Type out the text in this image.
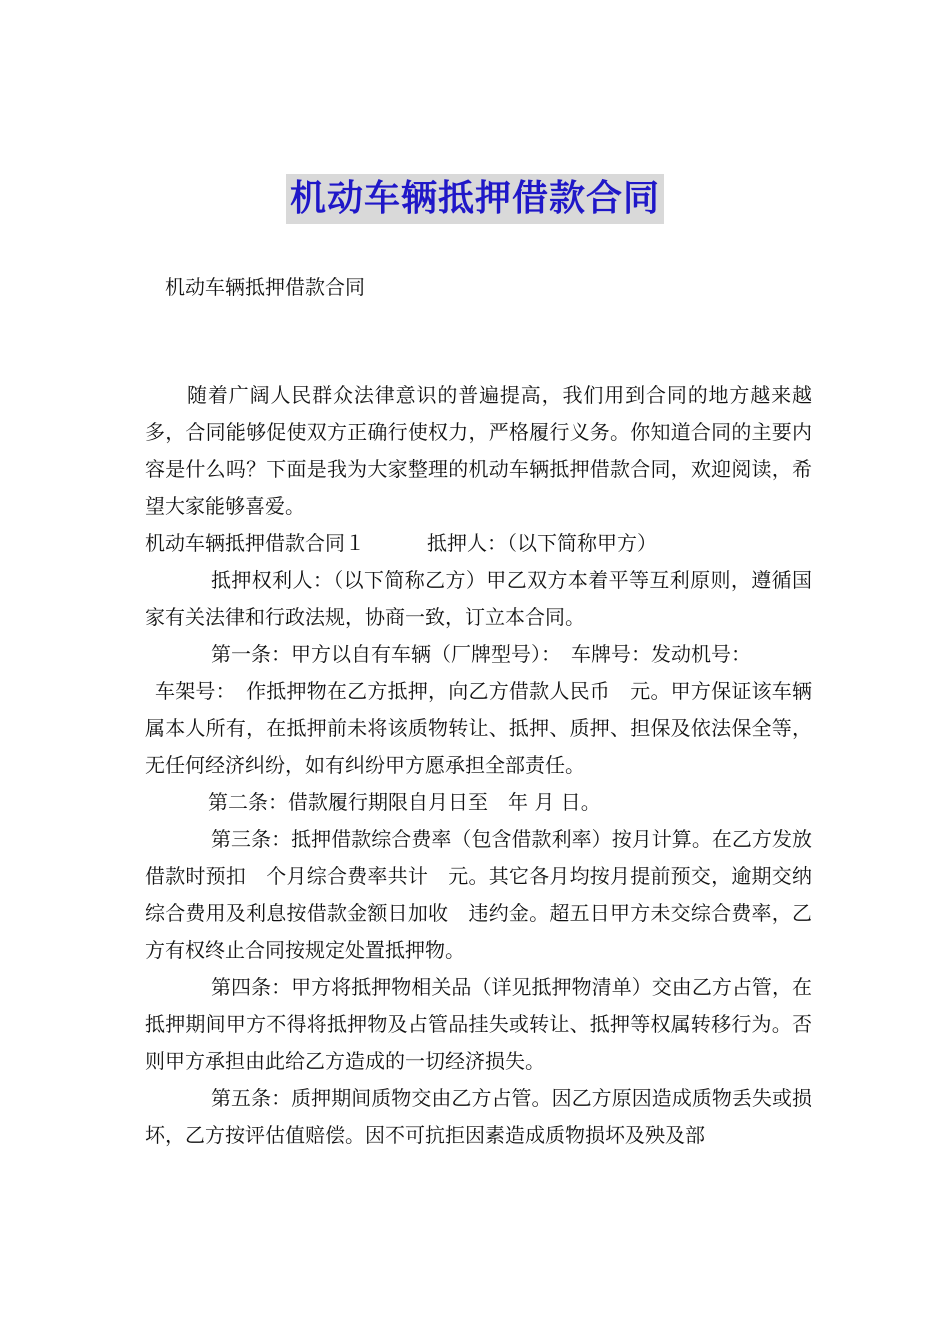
机动车辆抵押借款合同
机动车辆抵押借款合同

随着广阔人民群众法律意识的普遍提高，我们用到合同的地方越来越多，合同能够促使双方正确行使权力，严格履行义务。你知道合同的主要内容是什么吗？下面是我为大家整理的机动车辆抵押借款合同，欢迎阅读，希望大家能够喜爱。

机动车辆抵押借款合同１	抵押人：（以下简称甲方）

抵押权利人：（以下简称乙方）甲乙双方本着平等互利原则，遵循国家有关法律和行政法规，协商一致，订立本合同。

第一条：甲方以自有车辆（厂牌型号）：　车牌号：发动机号：

车架号：　作抵押物在乙方抵押，向乙方借款人民币　元。甲方保证该车辆属本人所有，在抵押前未将该质物转让、抵押、质押、担保及依法保全等，无任何经济纠纷，如有纠纷甲方愿承担全部责任。

第二条：借款履行期限自月日至　年 月 日。

第三条：抵押借款综合费率（包含借款利率）按月计算。在乙方发放借款时预扣　个月综合费率共计　元。其它各月均按月提前预交，逾期交纳综合费用及利息按借款金额日加收　违约金。超五日甲方未交综合费率，乙方有权终止合同按规定处置抵押物。

第四条：甲方将抵押物相关品（详见抵押物清单）交由乙方占管，在抵押期间甲方不得将抵押物及占管品挂失或转让、抵押等权属转移行为。否则甲方承担由此给乙方造成的一切经济损失。

第五条：质押期间质物交由乙方占管。因乙方原因造成质物丢失或损坏，乙方按评估值赔偿。因不可抗拒因素造成质物损坏及殃及部
